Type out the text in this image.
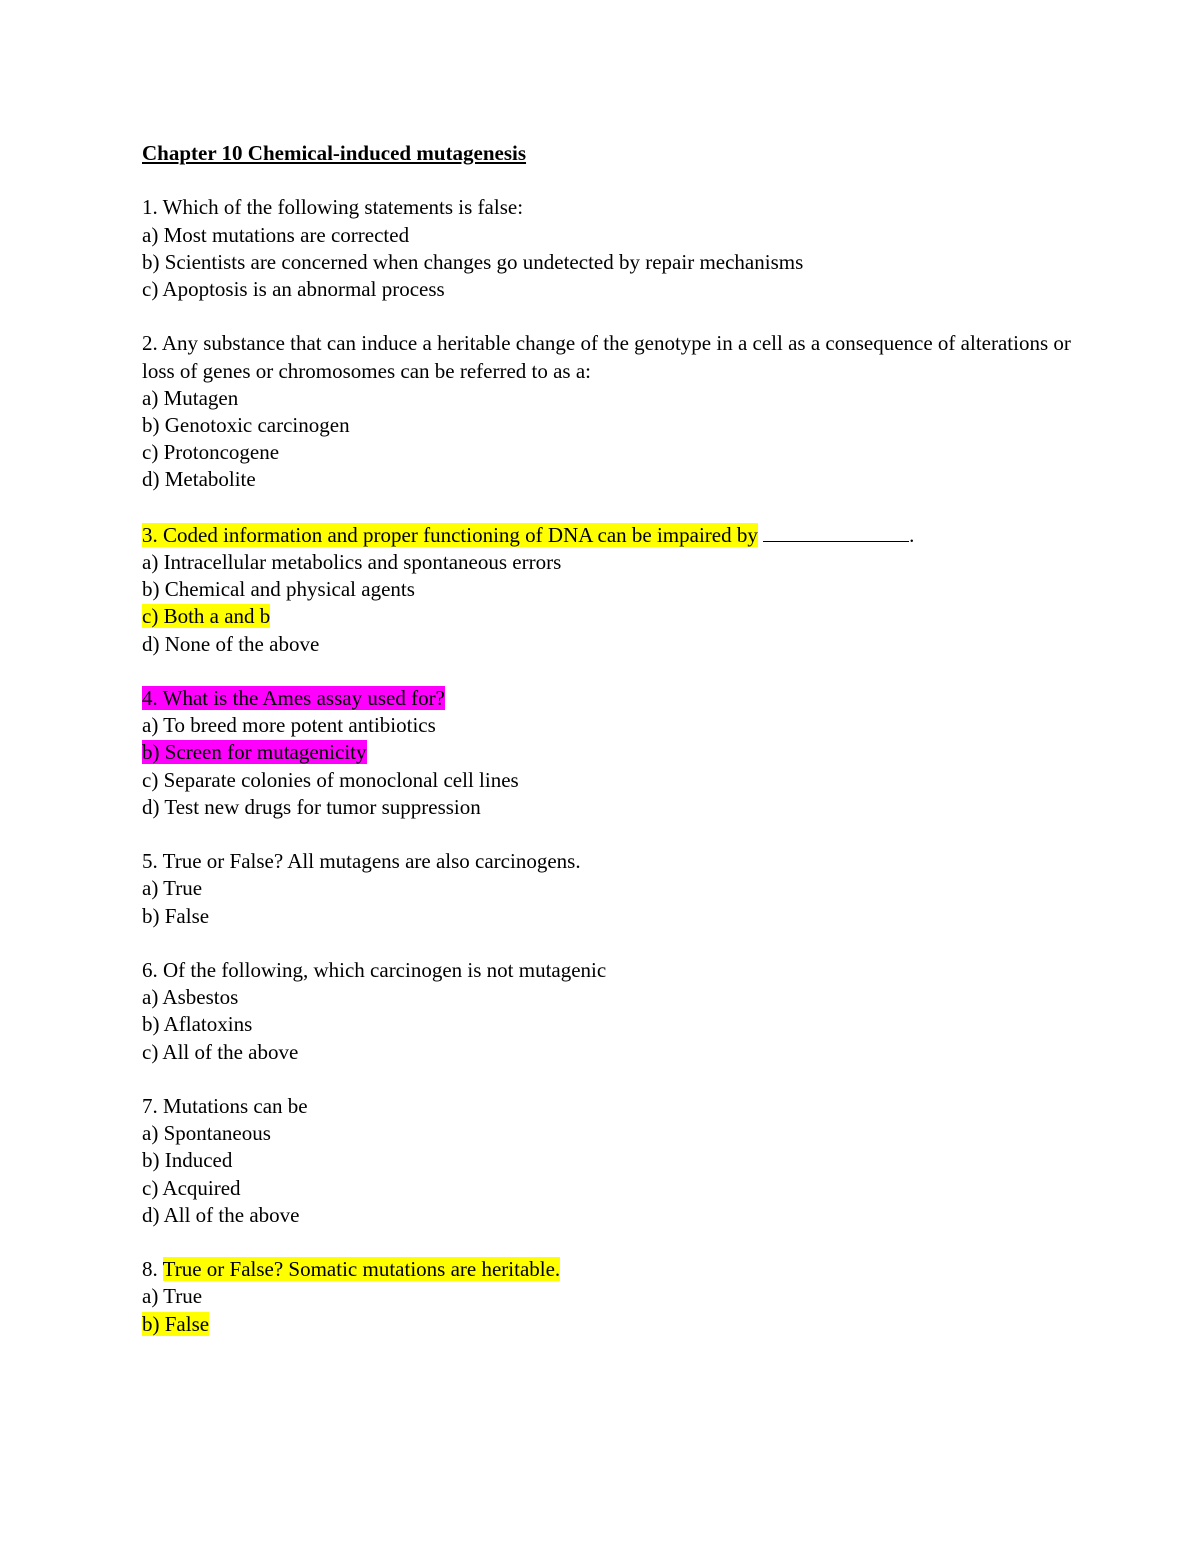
Chapter 10 Chemical-induced mutagenesis
1. Which of the following statements is false:
a) Most mutations are corrected
b) Scientists are concerned when changes go undetected by repair mechanisms
c) Apoptosis is an abnormal process
2. Any substance that can induce a heritable change of the genotype in a cell as a consequence of alterations or loss of genes or chromosomes can be referred to as a:
a) Mutagen
b) Genotoxic carcinogen
c) Protoncogene
d) Metabolite
3. Coded information and proper functioning of DNA can be impaired by	.
a) Intracellular metabolics and spontaneous errors
b) Chemical and physical agents
c) Both a and b
d) None of the above
4. What is the Ames assay used for?
a) To breed more potent antibiotics
b) Screen for mutagenicity
c) Separate colonies of monoclonal cell lines
d) Test new drugs for tumor suppression
5. True or False? All mutagens are also carcinogens.
a) True
b) False
6. Of the following, which carcinogen is not mutagenic
a) Asbestos
b) Aflatoxins
c) All of the above
7. Mutations can be
a) Spontaneous
b) Induced
c) Acquired
d) All of the above
8. True or False? Somatic mutations are heritable.
a) True
b) False
